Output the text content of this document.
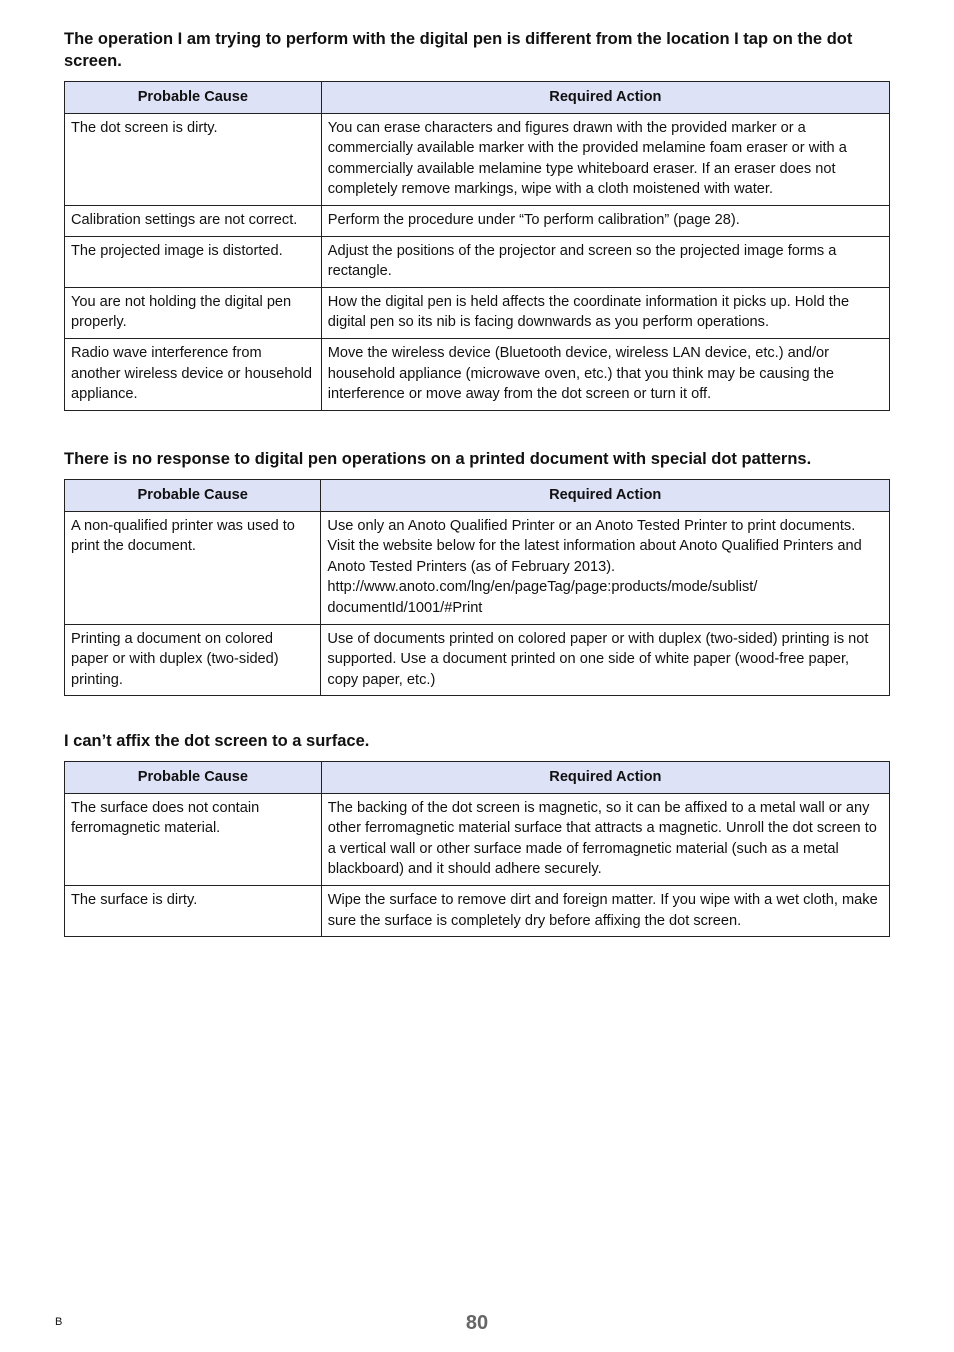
The operation I am trying to perform with the digital pen is different from the location I tap on the dot screen.
Probable Cause	Required Action
The dot screen is dirty.	You can erase characters and figures drawn with the provided marker or a commercially available marker with the provided melamine foam eraser or with a commercially available melamine type whiteboard eraser. If an eraser does not completely remove markings, wipe with a cloth moistened with water.
Calibration settings are not correct.	Perform the procedure under “To perform calibration” (page 28).
The projected image is distorted.	Adjust the positions of the projector and screen so the projected image forms a rectangle.
You are not holding the digital pen properly.	How the digital pen is held affects the coordinate information it picks up. Hold the digital pen so its nib is facing downwards as you perform operations.
Radio wave interference from another wireless device or household appliance.	Move the wireless device (Bluetooth device, wireless LAN device, etc.) and/or household appliance (microwave oven, etc.) that you think may be causing the interference or move away from the dot screen or turn it off.
There is no response to digital pen operations on a printed document with special dot patterns.
Probable Cause	Required Action
A non-qualified printer was used to print the document.	Use only an Anoto Qualified Printer or an Anoto Tested Printer to print documents.
Visit the website below for the latest information about Anoto Qualified Printers and Anoto Tested Printers (as of February 2013).
http://www.anoto.com/lng/en/pageTag/page:products/mode/sublist/
documentId/1001/#Print

Printing a document on colored paper or with duplex (two-sided) printing.	Use of documents printed on colored paper or with duplex (two-sided) printing is not supported. Use a document printed on one side of white paper (wood-free paper, copy paper, etc.)
I can’t affix the dot screen to a surface.
Probable Cause	Required Action
The surface does not contain ferromagnetic material.	The backing of the dot screen is magnetic, so it can be affixed to a metal wall or any other ferromagnetic material surface that attracts a magnetic. Unroll the dot screen to a vertical wall or other surface made of ferromagnetic material (such as a metal blackboard) and it should adhere securely.
The surface is dirty.	Wipe the surface to remove dirt and foreign matter. If you wipe with a wet cloth, make sure the surface is completely dry before affixing the dot screen.
B	80
